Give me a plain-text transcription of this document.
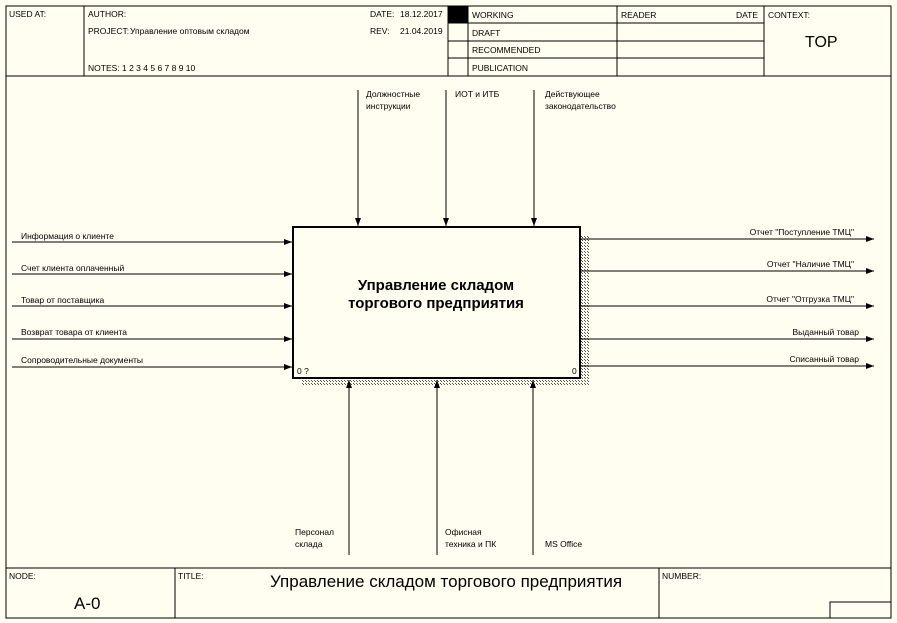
USED AT:	AUTHOR:
PROJECT: Управление оптовым складом
NOTES: 1 2 3 4 5 6 7 8 9 10
DATE: 18.12.2017
REV: 21.04.2019
WORKING
DRAFT
RECOMMENDED
PUBLICATION
READER	DATE CONTEXT:
TOP
NODE:
A-0
TITLE:	Управление складом торгового предприятия	NUMBER:
Управление складом
торгового предприятия
0 ?	0
Должностные
инструкции
ИОТ и ИТБ	Действующее
законодательство
Информация о клиенте
Счет клиента оплаченный
Товар от поставщика
Возврат товара от клиента
Сопроводительные документы
Отчет "Поступление ТМЦ"
Отчет "Наличие ТМЦ"
Отчет "Отгрузка ТМЦ"
Выданный товар
Списанный товар
Персонал
склада
Офисная
техника и ПК	MS Office
